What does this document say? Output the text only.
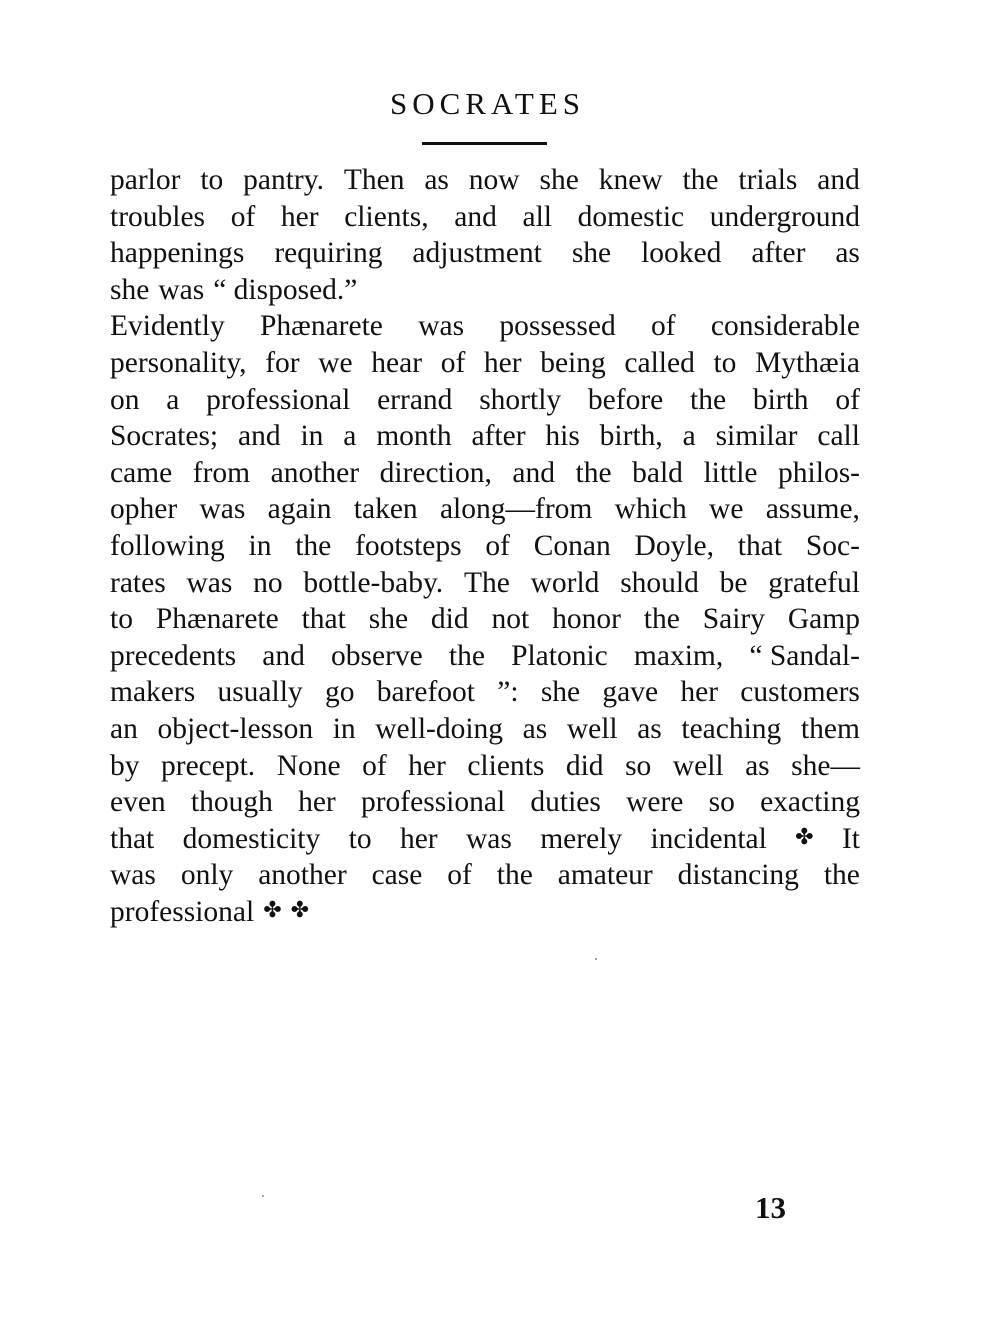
SOCRATES
parlor to pantry. Then as now she knew the trials and
troubles of her clients, and all domestic underground
happenings requiring adjustment she looked after as
she was “ disposed.”
Evidently Phænarete was possessed of considerable
personality, for we hear of her being called to Mythæia
on a professional errand shortly before the birth of
Socrates; and in a month after his birth, a similar call
came from another direction, and the bald little philos-
opher was again taken along—from which we assume,
following in the footsteps of Conan Doyle, that Soc-
rates was no bottle-baby. The world should be grateful
to Phænarete that she did not honor the Sairy Gamp
precedents and observe the Platonic maxim, “ Sandal-
makers usually go barefoot ”: she gave her customers
an object-lesson in well-doing as well as teaching them
by precept. None of her clients did so well as she—
even though her professional duties were so exacting
that domesticity to her was merely incidental ✤ It
was only another case of the amateur distancing the
professional ✤ ✤
13
